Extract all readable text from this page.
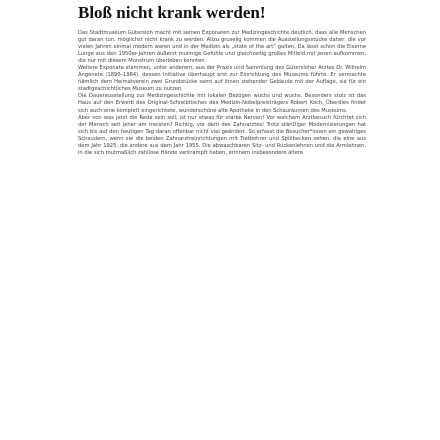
Bloß nicht krank werden!

Das Stadtmuseum Gütersloh macht mit seinen Exponaten zur Medizingeschichte deutlich, dass alle Menschen gut daran tun, möglichst nicht krank zu werden. Allzu gruselig kommen die Ausstellungsstücke daher, die vor vielen Jahren einmal modern waren und in der Medizin als „state of the art“ galten. Da lässt schon die Eiserne Lunge aus den 1950er-Jahren äußerst mulmige Gefühle und gleichzeitig großes Mitleid mit jenen aufkommen, die nur mit diesem Monstrum überleben konnten.

Weitere Exponate stammen, unter anderem, aus der Praxis und Sammlung des Gütersloher Arztes Dr. Wilhelm Angenete (1890–1984), dessen Initiative überhaupt erst zur Einrichtung des Museums führte. Er vermachte nämlich dem Heimatverein zwei Grundstücke samt auf ihnen stehender Gebäude mit der Auflage, sie für ein stadtgeschichtliches Museum zu nutzen.

Die Dauerausstellung zur Medizingeschichte mit lokalen Bezügen wuchs und wuchs. Besonders stolz ist das Haus auf den Erwerb des Original-Schreibtisches des Medizin-Nobelpreisträgers Robert Koch. Überdies findet sich auch eine komplett eingerichtete, wunderschöne alte Apotheke in den Schauräumen des Museums.

Aber von was jetzt die Rede sein soll, ist nur etwas für starke Nerven! Vor welchem Arztbesuch fürchtet sich der Mensch seit jeher am meisten? Richtig, vor dem des Zahnarztes! Trotz stänDiger Modernisierungen hat sich bis auf den heutigen Tag daran offenbar nicht viel geändert. So erfasst die Besucher*innen ein gewaltiges Schaudern, wenn sie die beiden Zahnarztreinrichtungen mit Tretbohrer und Spülbecken sehen, die eine aus dem Jahr 1925, die andere aus dem Jahr 1955. Die abwaschbaren Sitz- und Rückenlehnen und die Armlehnen, in die sich mutmaßlich zahllose Hände verkrampft haben, erinnern insbesondere ältere
